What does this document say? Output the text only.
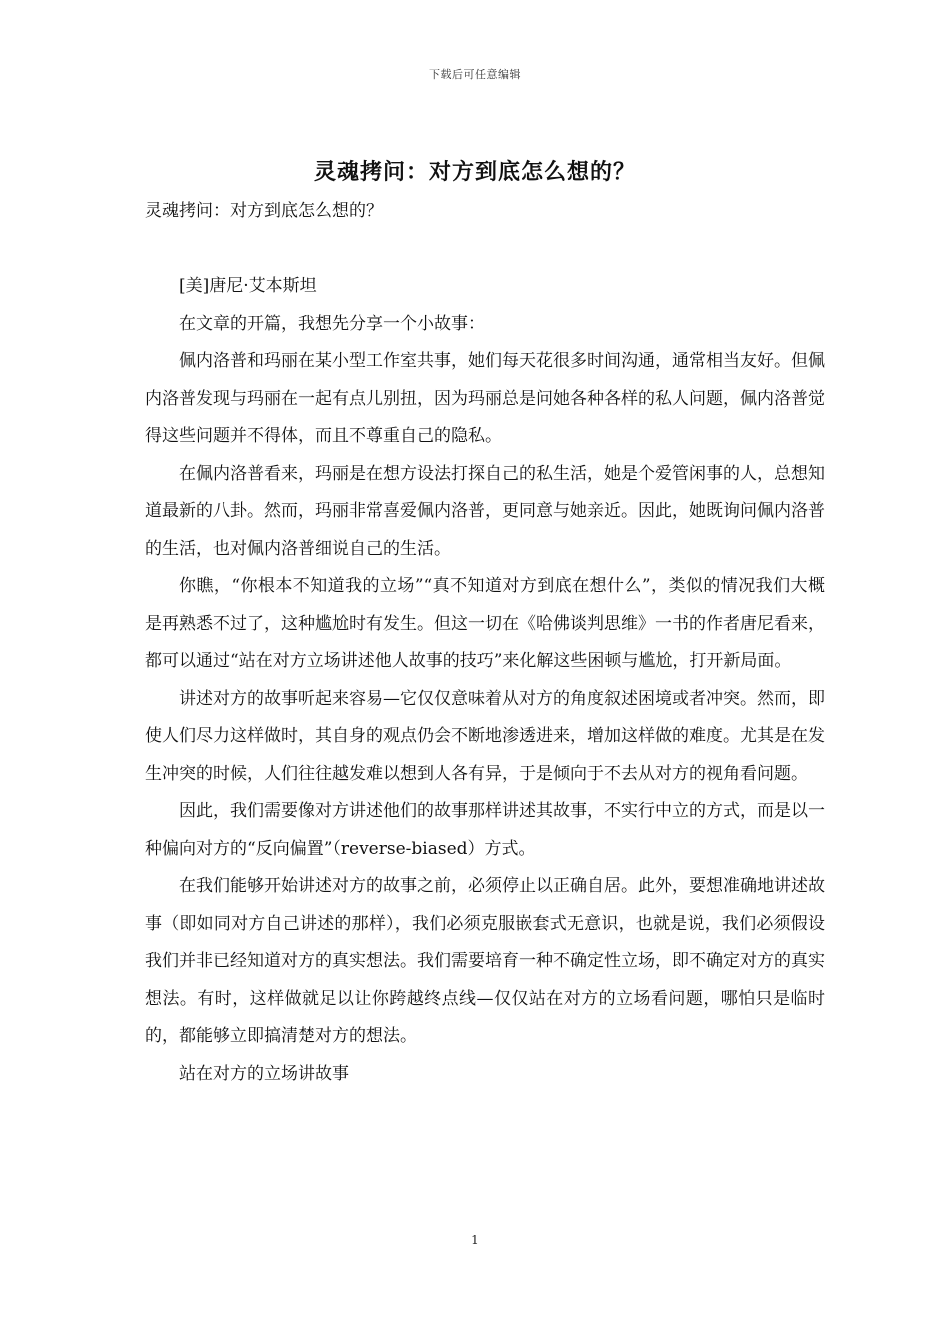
下载后可任意编辑
灵魂拷问：对方到底怎么想的？

灵魂拷问：对方到底怎么想的？

[美]唐尼·艾本斯坦

在文章的开篇，我想先分享一个小故事：

佩内洛普和玛丽在某小型工作室共事，她们每天花很多时间沟通，通常相当友好。但佩内洛普发现与玛丽在一起有点儿别扭，因为玛丽总是问她各种各样的私人问题，佩内洛普觉得这些问题并不得体，而且不尊重自己的隐私。

在佩内洛普看来，玛丽是在想方设法打探自己的私生活，她是个爱管闲事的人，总想知道最新的八卦。然而，玛丽非常喜爱佩内洛普，更同意与她亲近。因此，她既询问佩内洛普的生活，也对佩内洛普细说自己的生活。

你瞧，“你根本不知道我的立场”“真不知道对方到底在想什么”，类似的情况我们大概是再熟悉不过了，这种尴尬时有发生。但这一切在《哈佛谈判思维》一书的作者唐尼看来，都可以通过“站在对方立场讲述他人故事的技巧”来化解这些困顿与尴尬，打开新局面。

讲述对方的故事听起来容易—它仅仅意味着从对方的角度叙述困境或者冲突。然而，即使人们尽力这样做时，其自身的观点仍会不断地渗透进来，增加这样做的难度。尤其是在发生冲突的时候，人们往往越发难以想到人各有异，于是倾向于不去从对方的视角看问题。

因此，我们需要像对方讲述他们的故事那样讲述其故事，不实行中立的方式，而是以一种偏向对方的“反向偏置”（reverse-biased）方式。

在我们能够开始讲述对方的故事之前，必须停止以正确自居。此外，要想准确地讲述故事（即如同对方自己讲述的那样），我们必须克服嵌套式无意识，也就是说，我们必须假设我们并非已经知道对方的真实想法。我们需要培育一种不确定性立场，即不确定对方的真实想法。有时，这样做就足以让你跨越终点线—仅仅站在对方的立场看问题，哪怕只是临时的，都能够立即搞清楚对方的想法。

站在对方的立场讲故事

1
